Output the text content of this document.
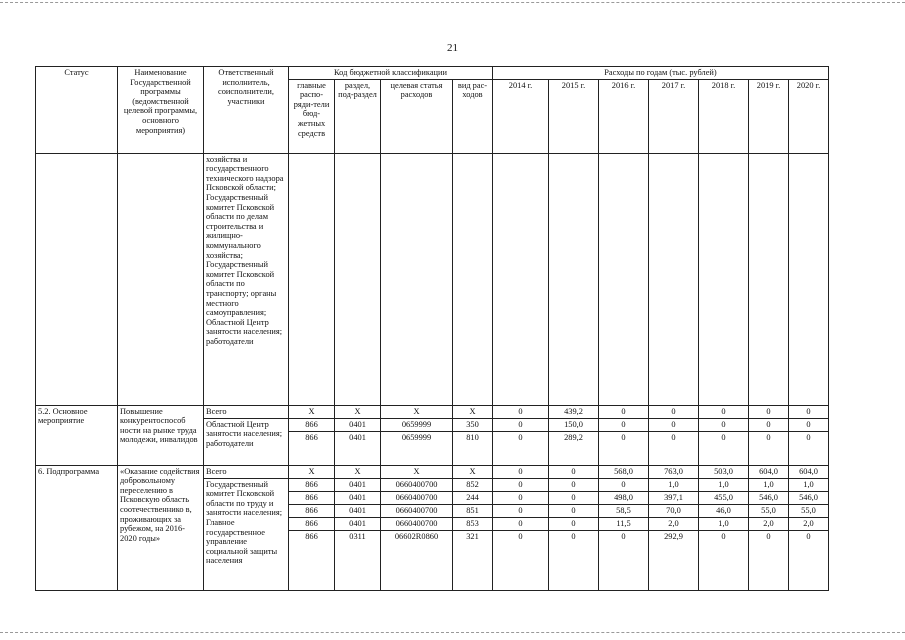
21
Статус	Наименование Государственной программы (ведомственной целевой программы, основного мероприятия)	Ответственный исполнитель, соисполнители, участники	Код бюджетной классификации				Расходы по годам (тыс. рублей)						
			главные распо-ряди-тели бюд-жетных средств	раздел, под-раздел	целевая статья расходов	вид рас-ходов	2014 г.	2015 г.	2016 г.	2017 г.	2018 г.	2019 г.	2020 г.
		хозяйства и государственного технического надзора Псковской области; Государственный комитет Псковской области по делам строительства и жилищно-коммунального хозяйства; Государственный комитет Псковской области по транспорту; органы местного самоуправления; Областной Центр занятости населения; работодатели											
5.2. Основное мероприятие	Повышение конкурентоспособ ности на рынке труда молодежи, инвалидов	Всего	X	X	X	X	0	439,2	0	0	0	0	0
		Областной Центр занятости населения; работодатели	866	0401	0659999	350	0	150,0	0	0	0	0	0
			866	0401	0659999	810	0	289,2	0	0	0	0	0
6. Подпрограмма	«Оказание содействия добровольному переселению в Псковскую область соотечественнико в, проживающих за рубежом, на 2016-2020 годы»	Всего	X	X	X	X	0	0	568,0	763,0	503,0	604,0	604,0
		Государственный комитет Псковской области по труду и занятости населения; Главное государственное управление социальной защиты населения	866	0401	0660400700	852	0	0	0	1,0	1,0	1,0	1,0
			866	0401	0660400700	244	0	0	498,0	397,1	455,0	546,0	546,0
			866	0401	0660400700	851	0	0	58,5	70,0	46,0	55,0	55,0
			866	0401	0660400700	853	0	0	11,5	2,0	1,0	2,0	2,0
			866	0311	06602R0860	321	0	0	0	292,9	0	0	0
